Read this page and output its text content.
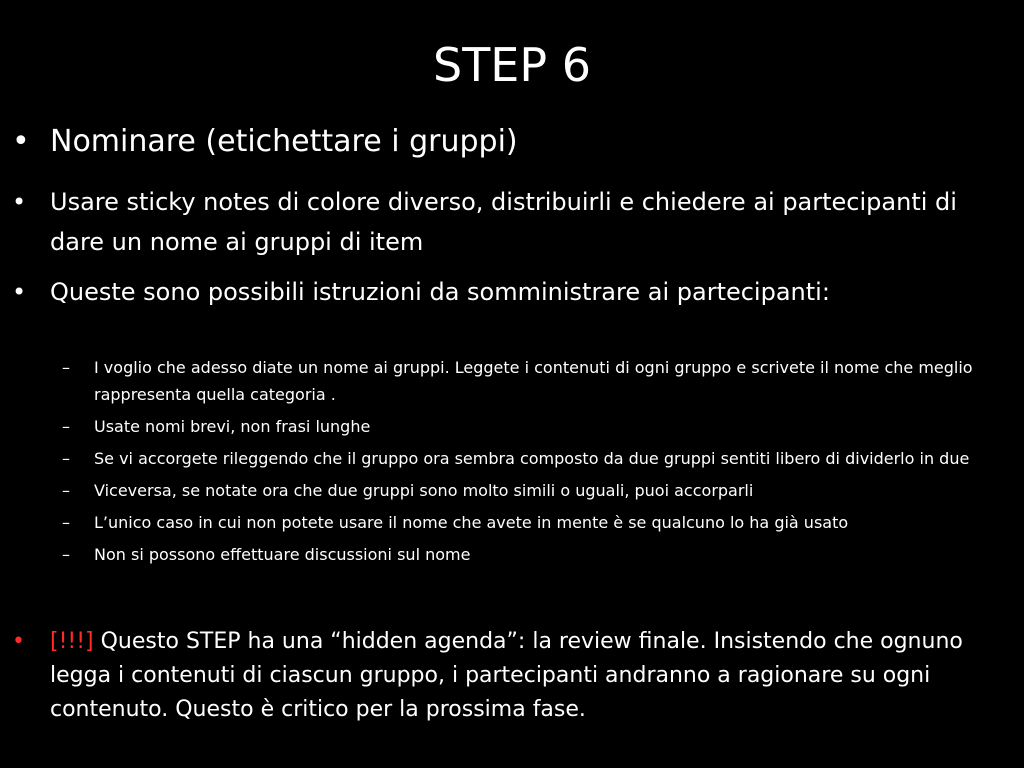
STEP 6
• Nominare (etichettare i gruppi)
• Usare sticky notes di colore diverso, distribuirli e chiedere ai partecipanti di dare un nome ai gruppi di item
• Queste sono possibili istruzioni da somministrare ai partecipanti:
– I voglio che adesso diate un nome ai gruppi. Leggete i contenuti di ogni gruppo e scrivete il nome che meglio rappresenta quella categoria .
– Usate nomi brevi, non frasi lunghe
– Se vi accorgete rileggendo che il gruppo ora sembra composto da due gruppi sentiti libero di dividerlo in due
– Viceversa, se notate ora che due gruppi sono molto simili o uguali, puoi accorparli
– L’unico caso in cui non potete usare il nome che avete in mente è se qualcuno lo ha già usato
– Non si possono effettuare discussioni sul nome
•	[!!!] Questo STEP ha una “hidden agenda”: la review finale. Insistendo che ognuno legga i contenuti di ciascun gruppo, i partecipanti andranno a ragionare su ogni contenuto. Questo è critico per la prossima fase.
